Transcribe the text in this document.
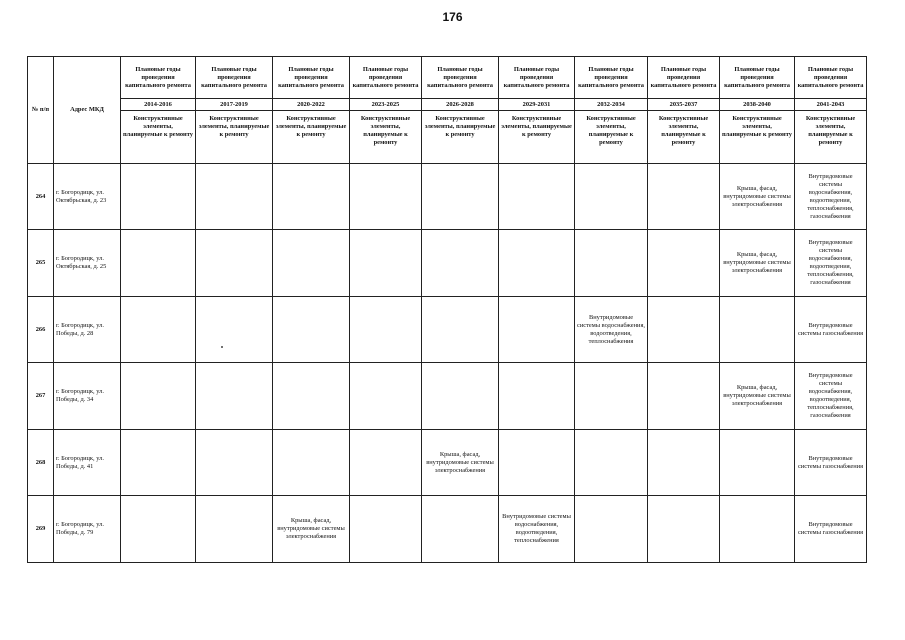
176
№ п/п	Адрес МКД	Плановые годы проведения капитального ремонта	Плановые годы проведения капитального ремонта	Плановые годы проведения капитального ремонта	Плановые годы проведения капитального ремонта	Плановые годы проведения капитального ремонта	Плановые годы проведения капитального ремонта	Плановые годы проведения капитального ремонта	Плановые годы проведения капитального ремонта	Плановые годы проведения капитального ремонта	Плановые годы проведения капитального ремонта
		2014-2016	2017-2019	2020-2022	2023-2025	2026-2028	2029-2031	2032-2034	2035-2037	2038-2040	2041-2043
		Конструктивные элементы, планируемые к ремонту	Конструктивные элементы, планируемые к ремонту	Конструктивные элементы, планируемые к ремонту	Конструктивные элементы, планируемые к ремонту	Конструктивные элементы, планируемые к ремонту	Конструктивные элементы, планируемые к ремонту	Конструктивные элементы, планируемые к ремонту	Конструктивные элементы, планируемые к ремонту	Конструктивные элементы, планируемые к ремонту	Конструктивные элементы, планируемые к ремонту
264	г. Богородицк, ул. Октябрьская, д. 23									Крыша, фасад, внутридомовые системы электроснабжения	Внутридомовые системы водоснабжения, водоотведения, теплоснабжения, газоснабжения
265	г. Богородицк, ул. Октябрьская, д. 25									Крыша, фасад, внутридомовые системы электроснабжения	Внутридомовые системы водоснабжения, водоотведения, теплоснабжения, газоснабжения
266	г. Богородицк, ул. Победы, д. 28							Внутридомовые системы водоснабжения, водоотведения, теплоснабжения			Внутридомовые системы газоснабжения
267	г. Богородицк, ул. Победы, д. 34									Крыша, фасад, внутридомовые системы электроснабжения	Внутридомовые системы водоснабжения, водоотведения, теплоснабжения, газоснабжения
268	г. Богородицк, ул. Победы, д. 41					Крыша, фасад, внутридомовые системы электроснабжения					Внутридомовые системы газоснабжения
269	г. Богородицк, ул. Победы, д. 79			Крыша, фасад, внутридомовые системы электроснабжения			Внутридомовые системы водоснабжения, водоотведения, теплоснабжения				Внутридомовые системы газоснабжения
